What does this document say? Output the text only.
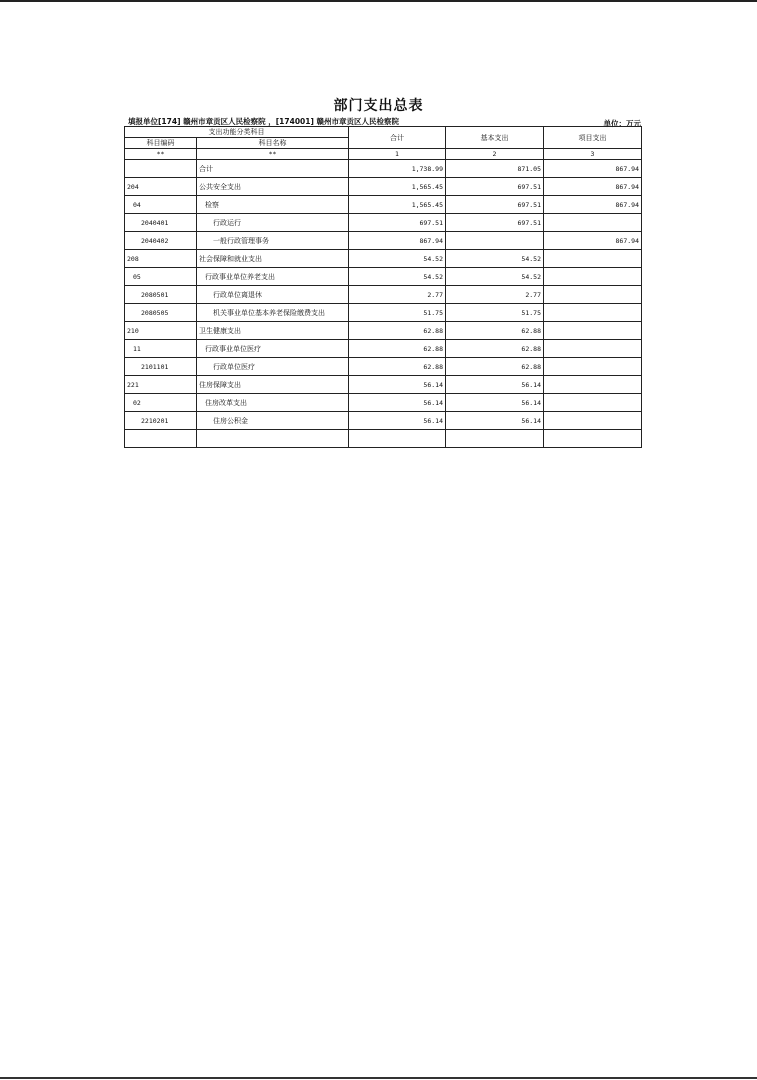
部门支出总表
填报单位[174] 赣州市章贡区人民检察院 ，[174001] 赣州市章贡区人民检察院	单位：万元
支出功能分类科目		合计	基本支出	项目支出
科目编码	科目名称			
**	**	1	2	3
	合计	1,738.99	871.05	867.94
204	公共安全支出	1,565.45	697.51	867.94
04	检察	1,565.45	697.51	867.94
2040401	行政运行	697.51	697.51	
2040402	一般行政管理事务	867.94		867.94
208	社会保障和就业支出	54.52	54.52	
05	行政事业单位养老支出	54.52	54.52	
2080501	行政单位离退休	2.77	2.77	
2080505	机关事业单位基本养老保险缴费支出	51.75	51.75	
210	卫生健康支出	62.88	62.88	
11	行政事业单位医疗	62.88	62.88	
2101101	行政单位医疗	62.88	62.88	
221	住房保障支出	56.14	56.14	
02	住房改革支出	56.14	56.14	
2210201	住房公积金	56.14	56.14	
